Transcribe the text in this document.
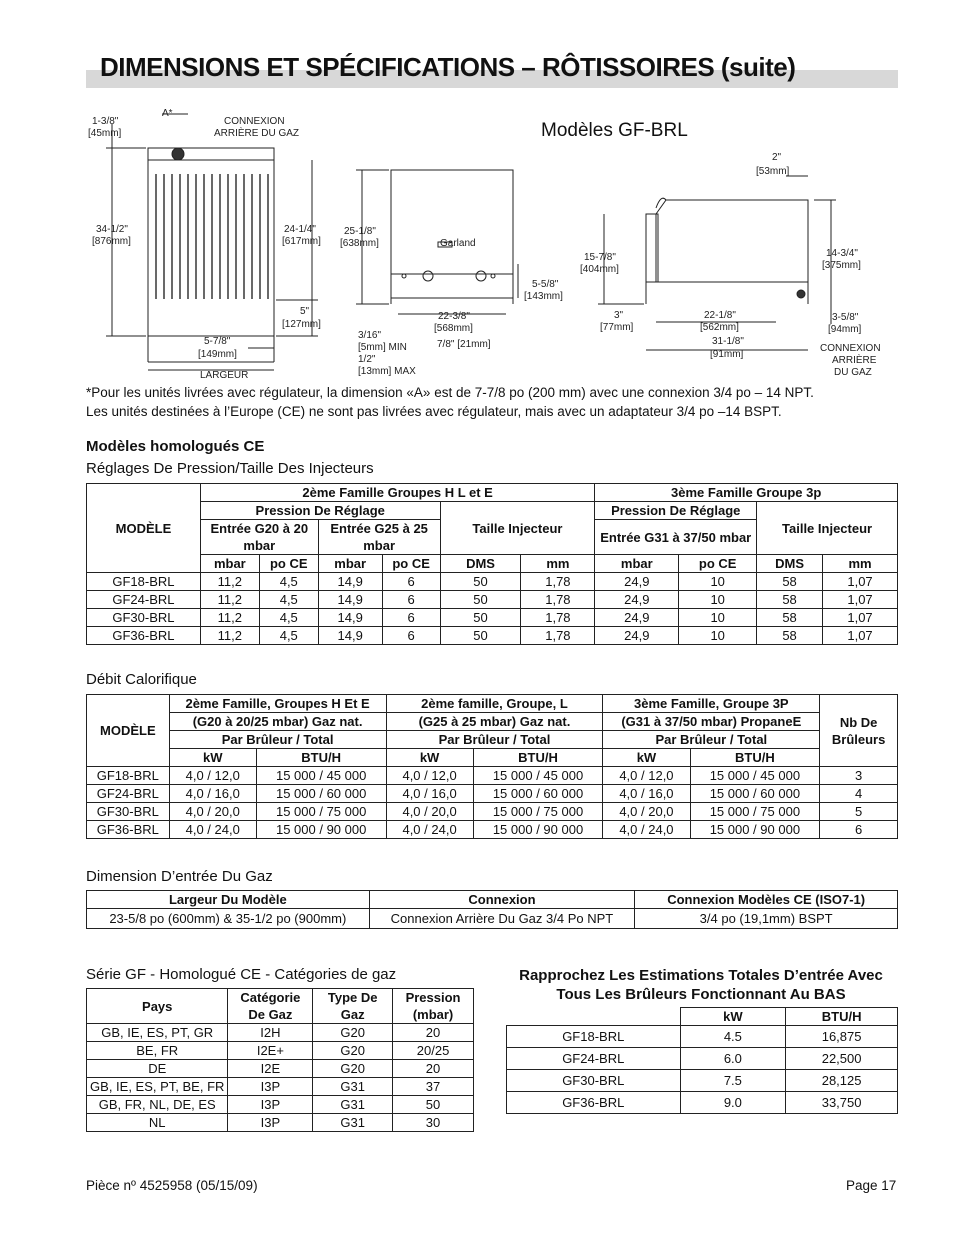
DIMENSIONS ET SPÉCIFICATIONS – RÔTISSOIRES (suite)
A*
1-3/8"
[45mm]
CONNEXION
ARRIÈRE DU GAZ
34-1/2"
[876mm]
24-1/4"
[617mm]
5"
[127mm]
5-7/8"
[149mm]
LARGEUR
25-1/8"
[638mm]
5-5/8"
[143mm]
22-3/8"
[568mm]
3/16"
[5mm] MIN
1/2"
[13mm] MAX
7/8" [21mm]
Garland
2"
[53mm]
15-7/8"
[404mm]
14-3/4"
[375mm]
3"
[77mm]
22-1/8"
[562mm]
3-5/8"
[94mm]
31-1/8"
[91mm]
CONNEXION
ARRIÈRE
DU GAZ
Modèles GF-BRL
*Pour les unités livrées avec régulateur, la dimension «A» est de 7-7/8 po (200 mm) avec une connexion 3/4 po – 14 NPT.
Les unités destinées à l’Europe (CE) ne sont pas livrées avec régulateur, mais avec un adaptateur 3/4 po –14 BSPT.
Modèles homologués CE
Réglages De Pression/Taille Des Injecteurs
MODÈLE	2ème Famille Groupes H L et E						3ème Famille Groupe 3p			
	Pression De Réglage				Taille Injecteur		Pression De Réglage		Taille Injecteur	
	Entrée G20 à 20 mbar		Entrée G25 à 25 mbar				Entrée G31 à 37/50 mbar			
	mbar	po CE	mbar	po CE	DMS	mm	mbar	po CE	DMS	mm
GF18-BRL	11,2	4,5	14,9	6	50	1,78	24,9	10	58	1,07
GF24-BRL	11,2	4,5	14,9	6	50	1,78	24,9	10	58	1,07
GF30-BRL	11,2	4,5	14,9	6	50	1,78	24,9	10	58	1,07
GF36-BRL	11,2	4,5	14,9	6	50	1,78	24,9	10	58	1,07
Débit Calorifique
MODÈLE	2ème Famille, Groupes H Et E		2ème famille, Groupe, L		3ème Famille, Groupe 3P		Nb De Brûleurs
	(G20 à 20/25 mbar) Gaz nat.		(G25 à 25 mbar) Gaz nat.		(G31 à 37/50 mbar) PropaneE		
	Par Brûleur / Total		Par Brûleur / Total		Par Brûleur / Total		
	kW	BTU/H	kW	BTU/H	kW	BTU/H	
GF18-BRL	4,0 / 12,0	15 000 / 45 000	4,0 / 12,0	15 000 / 45 000	4,0 / 12,0	15 000 / 45 000	3
GF24-BRL	4,0 / 16,0	15 000 / 60 000	4,0 / 16,0	15 000 / 60 000	4,0 / 16,0	15 000 / 60 000	4
GF30-BRL	4,0 / 20,0	15 000 / 75 000	4,0 / 20,0	15 000 / 75 000	4,0 / 20,0	15 000 / 75 000	5
GF36-BRL	4,0 / 24,0	15 000 / 90 000	4,0 / 24,0	15 000 / 90 000	4,0 / 24,0	15 000 / 90 000	6
Dimension D’entrée Du Gaz
Largeur Du Modèle	Connexion	Connexion Modèles CE (ISO7-1)
23-5/8 po (600mm) & 35-1/2 po (900mm)	Connexion Arrière Du Gaz 3/4 Po NPT	3/4 po (19,1mm) BSPT
Série GF - Homologué CE - Catégories de gaz
Pays	Catégorie De Gaz	Type De Gaz	Pression (mbar)
GB, IE, ES, PT, GR	I2H	G20	20
BE, FR	I2E+	G20	20/25
DE	I2E	G20	20
GB, IE, ES, PT, BE, FR	I3P	G31	37
GB, FR, NL, DE, ES	I3P	G31	50
NL	I3P	G31	30
Rapprochez Les Estimations Totales D’entrée Avec Tous Les Brûleurs Fonctionnant Au BAS
	kW	BTU/H
GF18-BRL	4.5	16,875
GF24-BRL	6.0	22,500
GF30-BRL	7.5	28,125
GF36-BRL	9.0	33,750
Pièce nº 4525958 (05/15/09)	Page 17
